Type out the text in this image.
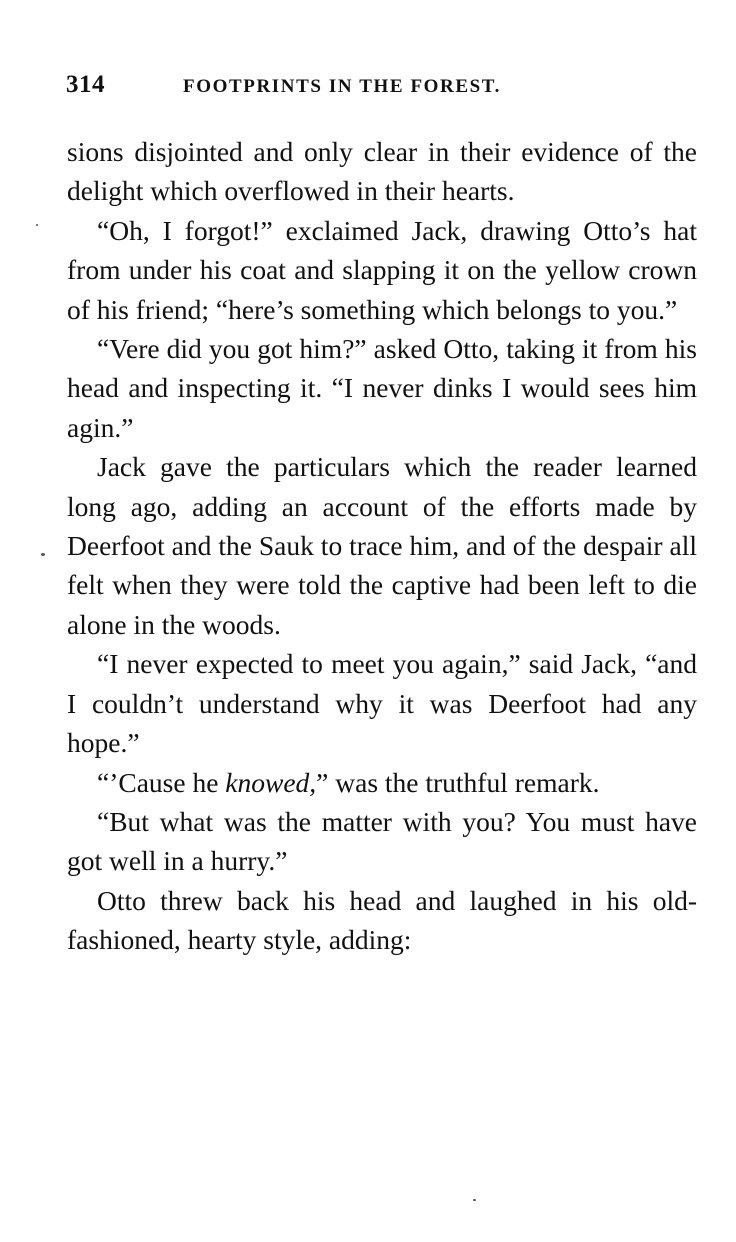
314	FOOTPRINTS IN THE FOREST.

sions disjointed and only clear in their evidence of the delight which overflowed in their hearts.

“Oh, I forgot!” exclaimed Jack, drawing Otto’s hat from under his coat and slapping it on the yellow crown of his friend; “here’s something which belongs to you.”

“Vere did you got him?” asked Otto, taking it from his head and inspecting it. “I never dinks I would sees him agin.”

Jack gave the particulars which the reader learned long ago, adding an account of the efforts made by Deerfoot and the Sauk to trace him, and of the despair all felt when they were told the captive had been left to die alone in the woods.

“I never expected to meet you again,” said Jack, “and I couldn’t understand why it was Deerfoot had any hope.”

“’Cause he knowed,” was the truthful remark.

“But what was the matter with you? You must have got well in a hurry.”

Otto threw back his head and laughed in his old-fashioned, hearty style, adding:
